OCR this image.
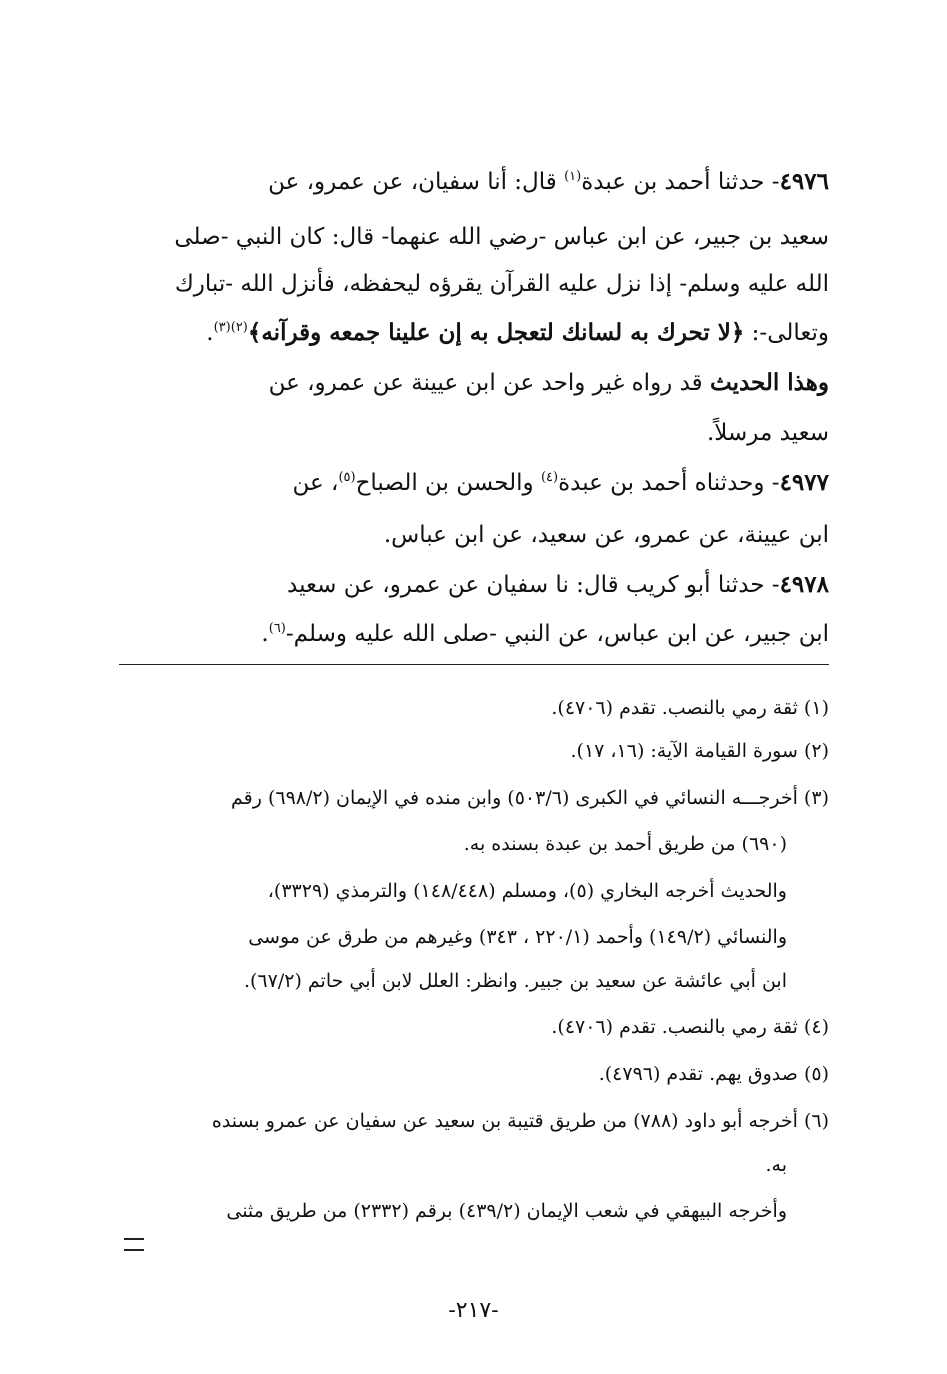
٤٩٧٦- حدثنا أحمد بن عبدة$^{(١)}$ قال: أنا سفيان، عن عمرو، عن
سعيد بن جبير، عن ابن عباس -رضي الله عنهما- قال: كان النبي -صلى
الله عليه وسلم- إذا نزل عليه القرآن يقرؤه ليحفظه، فأنزل الله -تبارك
وتعالى-: ﴿لا تحرك به لسانك لتعجل به إن علينا جمعه وقرآنه﴾$^{(٢)(٣)}$.
وهذا الحديث قد رواه غير واحد عن ابن عيينة عن عمرو، عن
سعيد مرسلاً.
٤٩٧٧- وحدثناه أحمد بن عبدة$^{(٤)}$ والحسن بن الصباح$^{(٥)}$، عن
ابن عيينة، عن عمرو، عن سعيد، عن ابن عباس.
٤٩٧٨- حدثنا أبو كريب قال: نا سفيان عن عمرو، عن سعيد
ابن جبير، عن ابن عباس، عن النبي -صلى الله عليه وسلم-$^{(٦)}$.
(١) ثقة رمي بالنصب. تقدم (٤٧٠٦).
(٢) سورة القيامة الآية: (١٦، ١٧).
(٣) أخرجـــه النسائي في الكبرى (٥٠٣/٦) وابن منده في الإيمان (٦٩٨/٢) رقم
(٦٩٠) من طريق أحمد بن عبدة بسنده به.
والحديث أخرجه البخاري (٥)، ومسلم (١٤٨/٤٤٨) والترمذي (٣٣٢٩)،
والنسائي (١٤٩/٢) وأحمد (٢٢٠/١ ، ٣٤٣) وغيرهم من طرق عن موسى
ابن أبي عائشة عن سعيد بن جبير. وانظر: العلل لابن أبي حاتم (٦٧/٢).
(٤) ثقة رمي بالنصب. تقدم (٤٧٠٦).
(٥) صدوق يهم. تقدم (٤٧٩٦).
(٦) أخرجه أبو داود (٧٨٨) من طريق قتيبة بن سعيد عن سفيان عن عمرو بسنده
به.
وأخرجه البيهقي في شعب الإيمان (٤٣٩/٢) برقم (٢٣٣٢) من طريق مثنى
-٢١٧-
